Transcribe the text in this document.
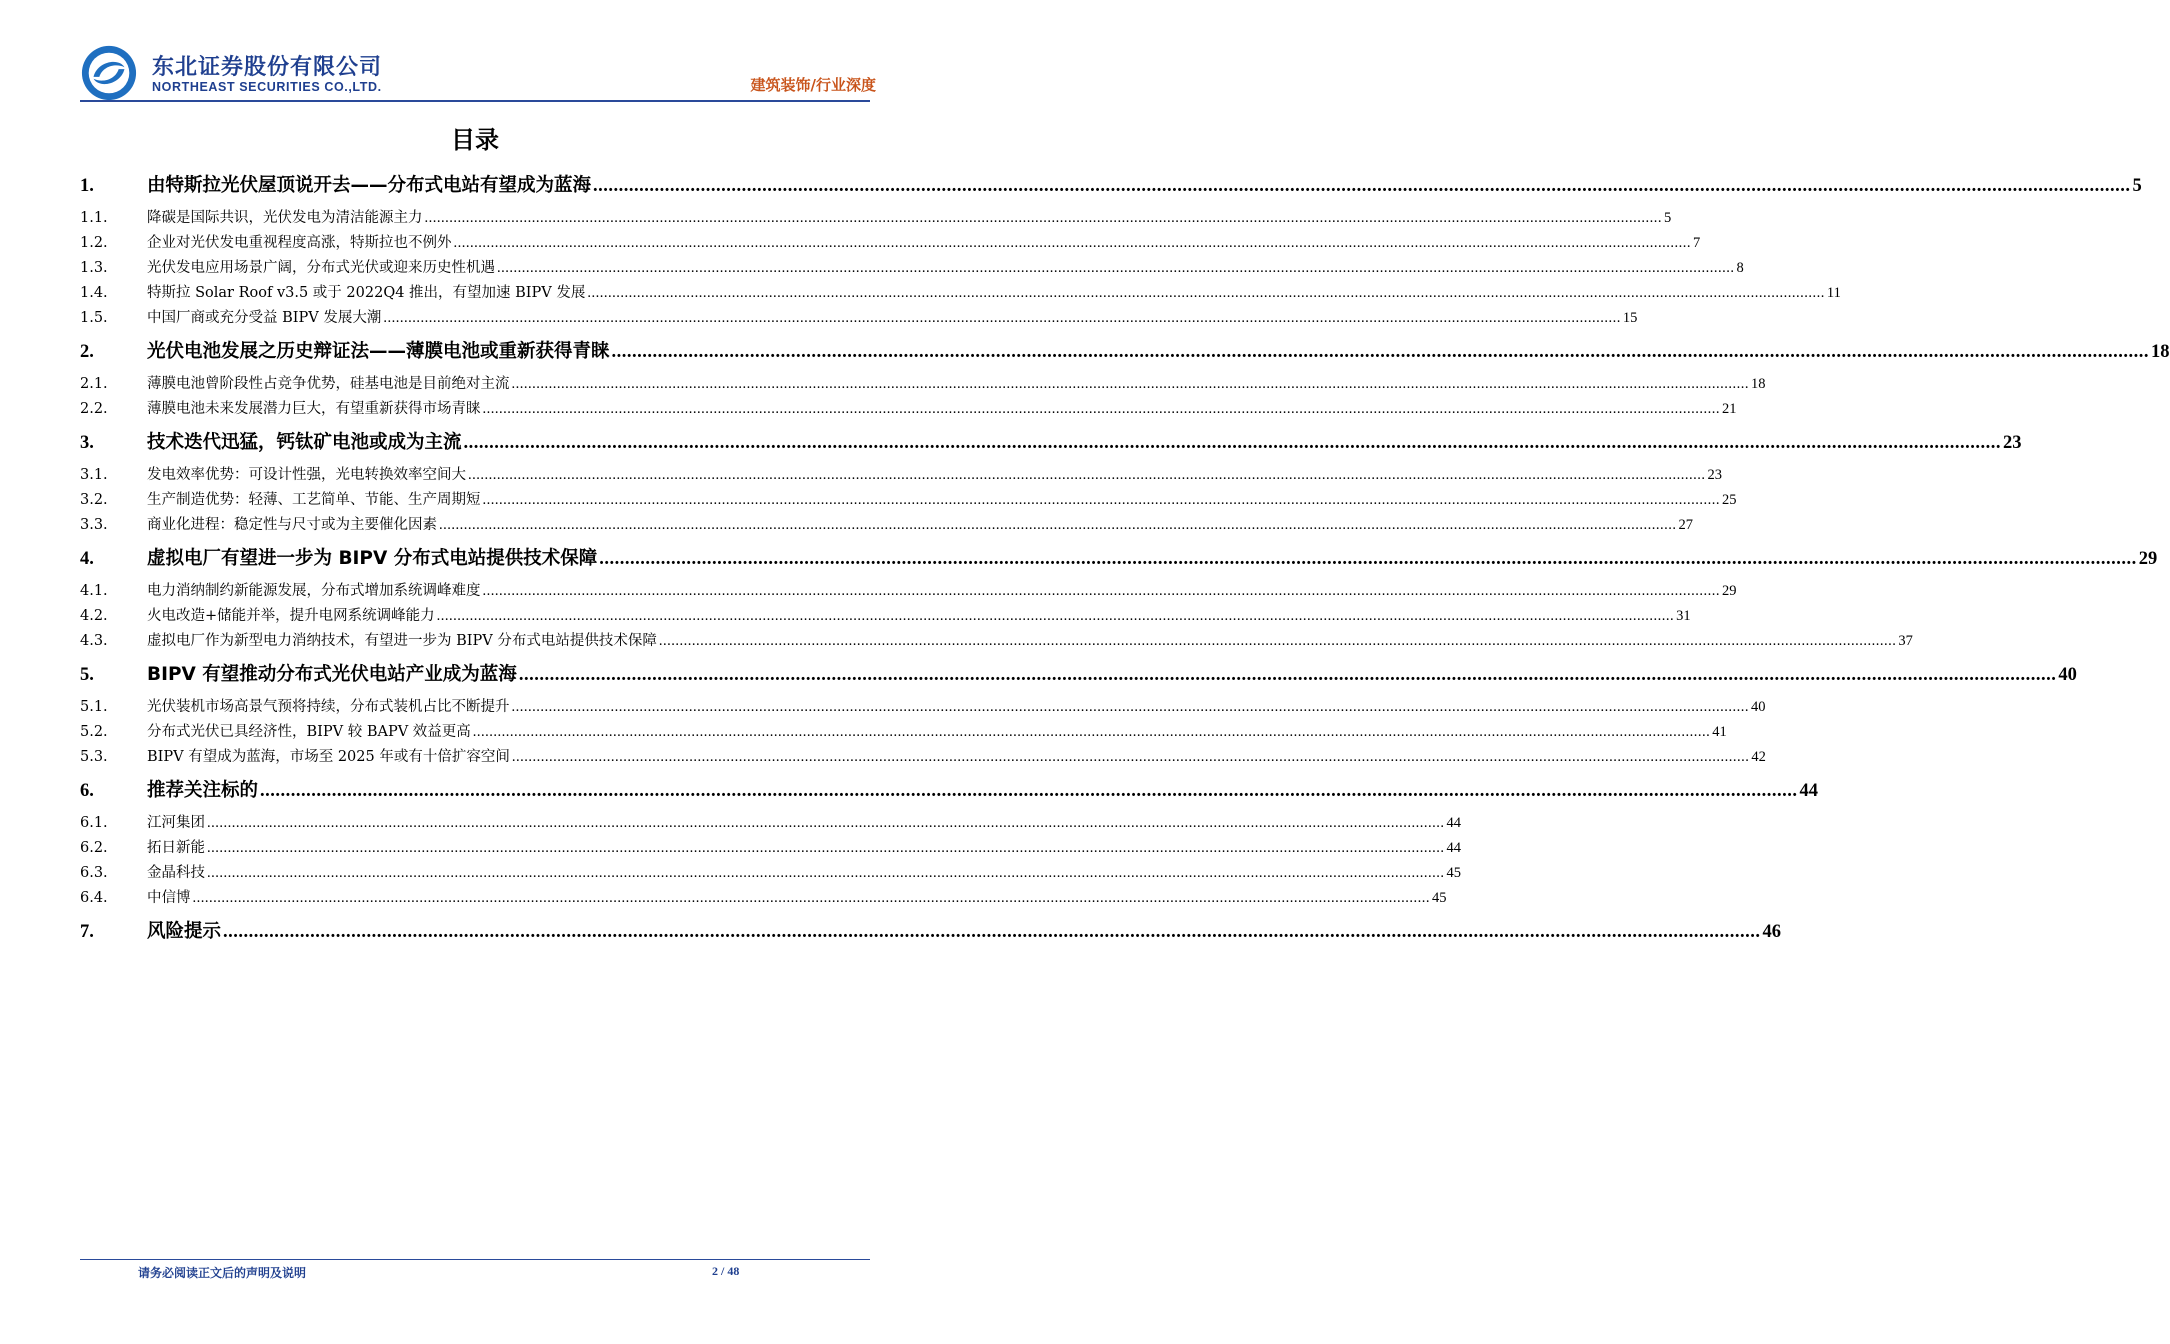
东北证券股份有限公司
NORTHEAST SECURITIES CO.,LTD.	建筑装饰/行业深度
目录
1.	由特斯拉光伏屋顶说开去——分布式电站有望成为蓝海 ............................................................................................................................................................................................................................................................................................................ 5
1.1.	降碳是国际共识，光伏发电为清洁能源主力 ............................................................................................................................................................................................................................................................................................................ 5
1.2.	企业对光伏发电重视程度高涨，特斯拉也不例外 ............................................................................................................................................................................................................................................................................................................ 7
1.3.	光伏发电应用场景广阔，分布式光伏或迎来历史性机遇 ............................................................................................................................................................................................................................................................................................................ 8
1.4.	特斯拉 Solar Roof v3.5 或于 2022Q4 推出，有望加速 BIPV 发展 ............................................................................................................................................................................................................................................................................................................ 11
1.5.	中国厂商或充分受益 BIPV 发展大潮 ............................................................................................................................................................................................................................................................................................................ 15
2.	光伏电池发展之历史辩证法——薄膜电池或重新获得青睐 ............................................................................................................................................................................................................................................................................................................ 18
2.1.	薄膜电池曾阶段性占竞争优势，硅基电池是目前绝对主流 ............................................................................................................................................................................................................................................................................................................ 18
2.2.	薄膜电池未来发展潜力巨大，有望重新获得市场青睐 ............................................................................................................................................................................................................................................................................................................ 21
3.	技术迭代迅猛，钙钛矿电池或成为主流 ............................................................................................................................................................................................................................................................................................................ 23
3.1.	发电效率优势：可设计性强，光电转换效率空间大 ............................................................................................................................................................................................................................................................................................................ 23
3.2.	生产制造优势：轻薄、工艺简单、节能、生产周期短 ............................................................................................................................................................................................................................................................................................................ 25
3.3.	商业化进程：稳定性与尺寸或为主要催化因素 ............................................................................................................................................................................................................................................................................................................ 27
4.	虚拟电厂有望进一步为 BIPV 分布式电站提供技术保障 ............................................................................................................................................................................................................................................................................................................ 29
4.1.	电力消纳制约新能源发展，分布式增加系统调峰难度 ............................................................................................................................................................................................................................................................................................................ 29
4.2.	火电改造+储能并举，提升电网系统调峰能力 ............................................................................................................................................................................................................................................................................................................ 31
4.3.	虚拟电厂作为新型电力消纳技术，有望进一步为 BIPV 分布式电站提供技术保障 ............................................................................................................................................................................................................................................................................................................ 37
5.	BIPV 有望推动分布式光伏电站产业成为蓝海 ............................................................................................................................................................................................................................................................................................................ 40
5.1.	光伏装机市场高景气预将持续，分布式装机占比不断提升 ............................................................................................................................................................................................................................................................................................................ 40
5.2.	分布式光伏已具经济性，BIPV 较 BAPV 效益更高 ............................................................................................................................................................................................................................................................................................................ 41
5.3.	BIPV 有望成为蓝海，市场至 2025 年或有十倍扩容空间 ............................................................................................................................................................................................................................................................................................................ 42
6.	推荐关注标的 ............................................................................................................................................................................................................................................................................................................ 44
6.1.	江河集团 ............................................................................................................................................................................................................................................................................................................ 44
6.2.	拓日新能 ............................................................................................................................................................................................................................................................................................................ 44
6.3.	金晶科技 ............................................................................................................................................................................................................................................................................................................ 45
6.4.	中信博 ............................................................................................................................................................................................................................................................................................................ 45
7.	风险提示 ............................................................................................................................................................................................................................................................................................................ 46
请务必阅读正文后的声明及说明	2 / 48
